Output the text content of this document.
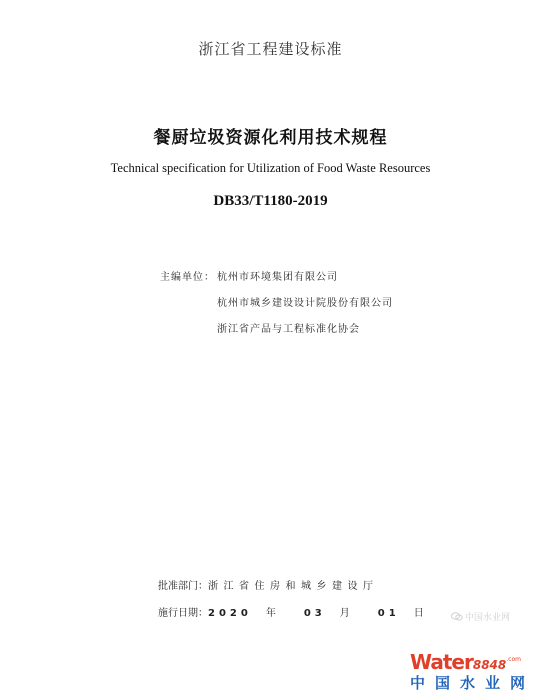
浙江省工程建设标准
餐厨垃圾资源化利用技术规程
Technical specification for Utilization of Food Waste Resources
DB33/T1180-2019
主编单位： 杭州市环境集团有限公司
杭州市城乡建设设计院股份有限公司
浙江省产品与工程标准化协会
批准部门：浙江省住房和城乡建设厅
施行日期：2020 年	03 月	01 日	中国水业网
$Water8848^{.com}$
中国水业网
